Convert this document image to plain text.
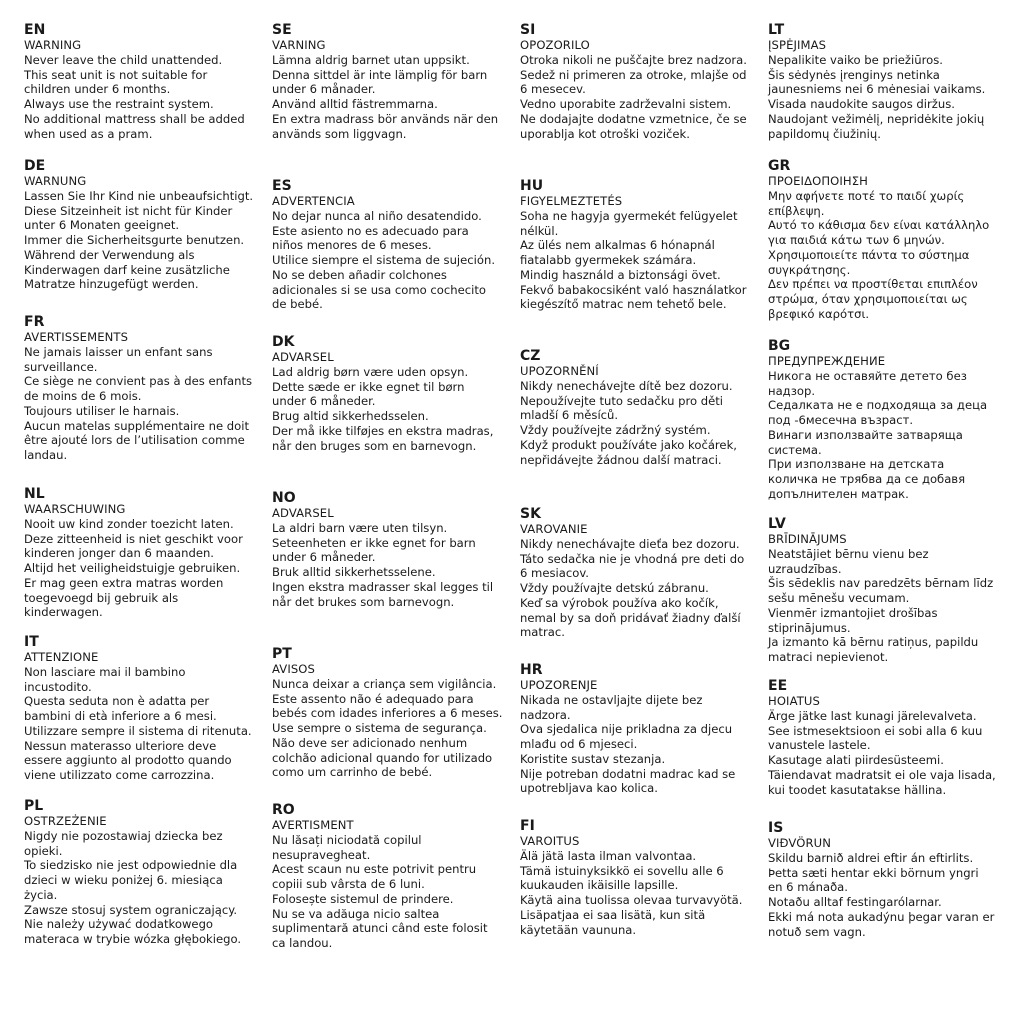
EN
WARNING
Never leave the child unattended.
This seat unit is not suitable for
children under 6 months.
Always use the restraint system.
No additional mattress shall be added
when used as a pram.
DE
WARNUNG
Lassen Sie Ihr Kind nie unbeaufsichtigt.
Diese Sitzeinheit ist nicht für Kinder
unter 6 Monaten geeignet.
Immer die Sicherheitsgurte benutzen.
Während der Verwendung als
Kinderwagen darf keine zusätzliche
Matratze hinzugefügt werden.
FR
AVERTISSEMENTS
Ne jamais laisser un enfant sans
surveillance.
Ce siège ne convient pas à des enfants
de moins de 6 mois.
Toujours utiliser le harnais.
Aucun matelas supplémentaire ne doit
être ajouté lors de l’utilisation comme
landau.
NL
WAARSCHUWING
Nooit uw kind zonder toezicht laten.
Deze zitteenheid is niet geschikt voor
kinderen jonger dan 6 maanden.
Altijd het veiligheidstuigje gebruiken.
Er mag geen extra matras worden
toegevoegd bij gebruik als
kinderwagen.
IT
ATTENZIONE
Non lasciare mai il bambino
incustodito.
Questa seduta non è adatta per
bambini di età inferiore a 6 mesi.
Utilizzare sempre il sistema di ritenuta.
Nessun materasso ulteriore deve
essere aggiunto al prodotto quando
viene utilizzato come carrozzina.
PL
OSTRZEŻENIE
Nigdy nie pozostawiaj dziecka bez
opieki.
To siedzisko nie jest odpowiednie dla
dzieci w wieku poniżej 6. miesiąca
życia.
Zawsze stosuj system ograniczający.
Nie należy używać dodatkowego
materaca w trybie wózka głębokiego.
SE
VARNING
Lämna aldrig barnet utan uppsikt.
Denna sittdel är inte lämplig för barn
under 6 månader.
Använd alltid fästremmarna.
En extra madrass bör används när den
används som liggvagn.
ES
ADVERTENCIA
No dejar nunca al niño desatendido.
Este asiento no es adecuado para
niños menores de 6 meses.
Utilice siempre el sistema de sujeción.
No se deben añadir colchones
adicionales si se usa como cochecito
de bebé.
DK
ADVARSEL
Lad aldrig børn være uden opsyn.
Dette sæde er ikke egnet til børn
under 6 måneder.
Brug altid sikkerhedsselen.
Der må ikke tilføjes en ekstra madras,
når den bruges som en barnevogn.
NO
ADVARSEL
La aldri barn være uten tilsyn.
Seteenheten er ikke egnet for barn
under 6 måneder.
Bruk alltid sikkerhetsselene.
Ingen ekstra madrasser skal legges til
når det brukes som barnevogn.
PT
AVISOS
Nunca deixar a criança sem vigilância.
Este assento não é adequado para
bebés com idades inferiores a 6 meses.
Use sempre o sistema de segurança.
Não deve ser adicionado nenhum
colchão adicional quando for utilizado
como um carrinho de bebé.
RO
AVERTISMENT
Nu lăsați niciodată copilul
nesupravegheat.
Acest scaun nu este potrivit pentru
copiii sub vârsta de 6 luni.
Folosește sistemul de prindere.
Nu se va adăuga nicio saltea
suplimentară atunci când este folosit
ca landou.
SI
OPOZORILO
Otroka nikoli ne puščajte brez nadzora.
Sedež ni primeren za otroke, mlajše od
6 mesecev.
Vedno uporabite zadrževalni sistem.
Ne dodajajte dodatne vzmetnice, če se
uporablja kot otroški voziček.
HU
FIGYELMEZTETÉS
Soha ne hagyja gyermekét felügyelet
nélkül.
Az ülés nem alkalmas 6 hónapnál
fiatalabb gyermekek számára.
Mindig használd a biztonsági övet.
Fekvő babakocsiként való használatkor
kiegészítő matrac nem tehető bele.
CZ
UPOZORNĚNÍ
Nikdy nenechávejte dítě bez dozoru.
Nepoužívejte tuto sedačku pro děti
mladší 6 měsíců.
Vždy používejte zádržný systém.
Když produkt používáte jako kočárek,
nepřidávejte žádnou další matraci.
SK
VAROVANIE
Nikdy nenechávajte dieťa bez dozoru.
Táto sedačka nie je vhodná pre deti do
6 mesiacov.
Vždy používajte detskú zábranu.
Keď sa výrobok používa ako kočík,
nemal by sa doň pridávať žiadny ďalší
matrac.
HR
UPOZORENJE
Nikada ne ostavljajte dijete bez
nadzora.
Ova sjedalica nije prikladna za djecu
mlađu od 6 mjeseci.
Koristite sustav stezanja.
Nije potreban dodatni madrac kad se
upotrebljava kao kolica.
FI
VAROITUS
Älä jätä lasta ilman valvontaa.
Tämä istuinyksikkö ei sovellu alle 6
kuukauden ikäisille lapsille.
Käytä aina tuolissa olevaa turvavyötä.
Lisäpatjaa ei saa lisätä, kun sitä
käytetään vaununa.
LT
ĮSPĖJIMAS
Nepalikite vaiko be priežiūros.
Šis sėdynės įrenginys netinka
jaunesniems nei 6 mėnesiai vaikams.
Visada naudokite saugos diržus.
Naudojant vežimėlį, nepridėkite jokių
papildomų čiužinių.
GR
ΠΡΟΕΙΔΟΠΟΙΗΣΗ
Μην αφήνετε ποτέ το παιδί χωρίς
επίβλεψη.
Αυτό το κάθισμα δεν είναι κατάλληλο
για παιδιά κάτω των 6 μηνών.
Χρησιμοποιείτε πάντα το σύστημα
συγκράτησης.
Δεν πρέπει να προστίθεται επιπλέον
στρώμα, όταν χρησιμοποιείται ως
βρεφικό καρότσι.
BG
ПРЕДУПРЕЖДЕНИЕ
Никога не оставяйте детето без
надзор.
Седалката не е подходяща за деца
под -6месечна възраст.
Винаги използвайте затваряща
система.
При използване на детската
количка не трябва да се добавя
допълнителен матрак.
LV
BRĪDINĀJUMS
Neatstājiet bērnu vienu bez
uzraudzības.
Šis sēdeklis nav paredzēts bērnam līdz
sešu mēnešu vecumam.
Vienmēr izmantojiet drošības
stiprinājumus.
Ja izmanto kā bērnu ratiņus, papildu
matraci nepievienot.
EE
HOIATUS
Ärge jätke last kunagi järelevalveta.
See istmesektsioon ei sobi alla 6 kuu
vanustele lastele.
Kasutage alati piirdesüsteemi.
Täiendavat madratsit ei ole vaja lisada,
kui toodet kasutatakse hällina.
IS
VIÐVÖRUN
Skildu barnið aldrei eftir án eftirlits.
Þetta sæti hentar ekki börnum yngri
en 6 mánaða.
Notaðu alltaf festingarólarnar.
Ekki má nota aukadýnu þegar varan er
notuð sem vagn.
